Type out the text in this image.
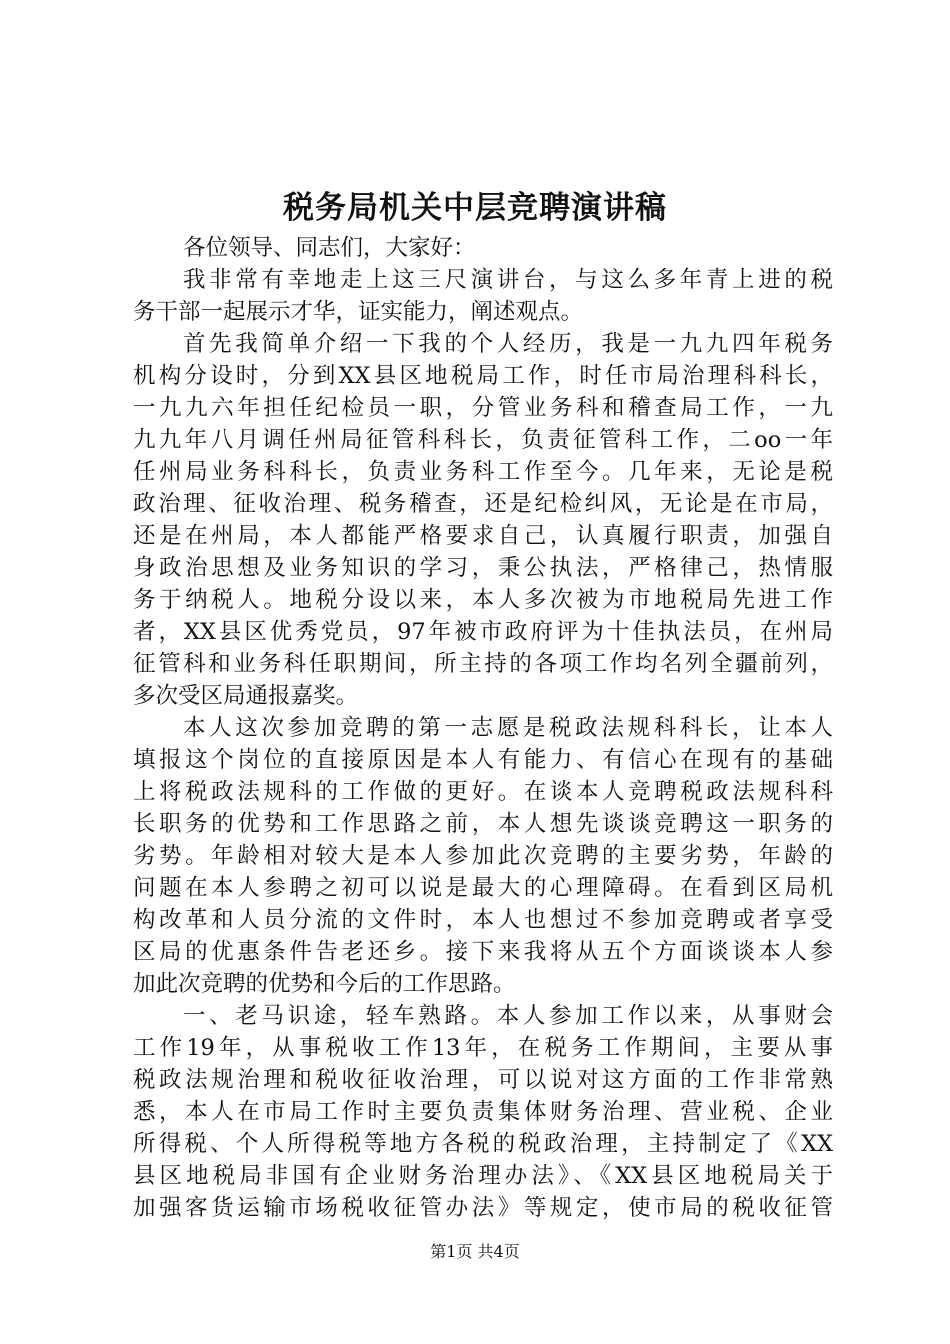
税务局机关中层竞聘演讲稿
各位领导、同志们，大家好：
我非常有幸地走上这三尺演讲台，与这么多年青上进的税
务干部一起展示才华，证实能力，阐述观点。
首先我简单介绍一下我的个人经历，我是一九九四年税务
机构分设时，分到XX县区地税局工作，时任市局治理科科长，
一九九六年担任纪检员一职，分管业务科和稽查局工作，一九
九九年八月调任州局征管科科长，负责征管科工作，二oo一年
任州局业务科科长，负责业务科工作至今。几年来，无论是税
政治理、征收治理、税务稽查，还是纪检纠风，无论是在市局，
还是在州局，本人都能严格要求自己，认真履行职责，加强自
身政治思想及业务知识的学习，秉公执法，严格律己，热情服
务于纳税人。地税分设以来，本人多次被为市地税局先进工作
者，XX县区优秀党员，97年被市政府评为十佳执法员，在州局
征管科和业务科任职期间，所主持的各项工作均名列全疆前列，
多次受区局通报嘉奖。
本人这次参加竞聘的第一志愿是税政法规科科长，让本人
填报这个岗位的直接原因是本人有能力、有信心在现有的基础
上将税政法规科的工作做的更好。在谈本人竞聘税政法规科科
长职务的优势和工作思路之前，本人想先谈谈竞聘这一职务的
劣势。年龄相对较大是本人参加此次竞聘的主要劣势，年龄的
问题在本人参聘之初可以说是最大的心理障碍。在看到区局机
构改革和人员分流的文件时，本人也想过不参加竞聘或者享受
区局的优惠条件告老还乡。接下来我将从五个方面谈谈本人参
加此次竞聘的优势和今后的工作思路。
一、老马识途，轻车熟路。本人参加工作以来，从事财会
工作19年，从事税收工作13年，在税务工作期间，主要从事
税政法规治理和税收征收治理，可以说对这方面的工作非常熟
悉，本人在市局工作时主要负责集体财务治理、营业税、企业
所得税、个人所得税等地方各税的税政治理，主持制定了《XX
县区地税局非国有企业财务治理办法》、《XX县区地税局关于
加强客货运输市场税收征管办法》等规定，使市局的税收征管
第1页 共4页
